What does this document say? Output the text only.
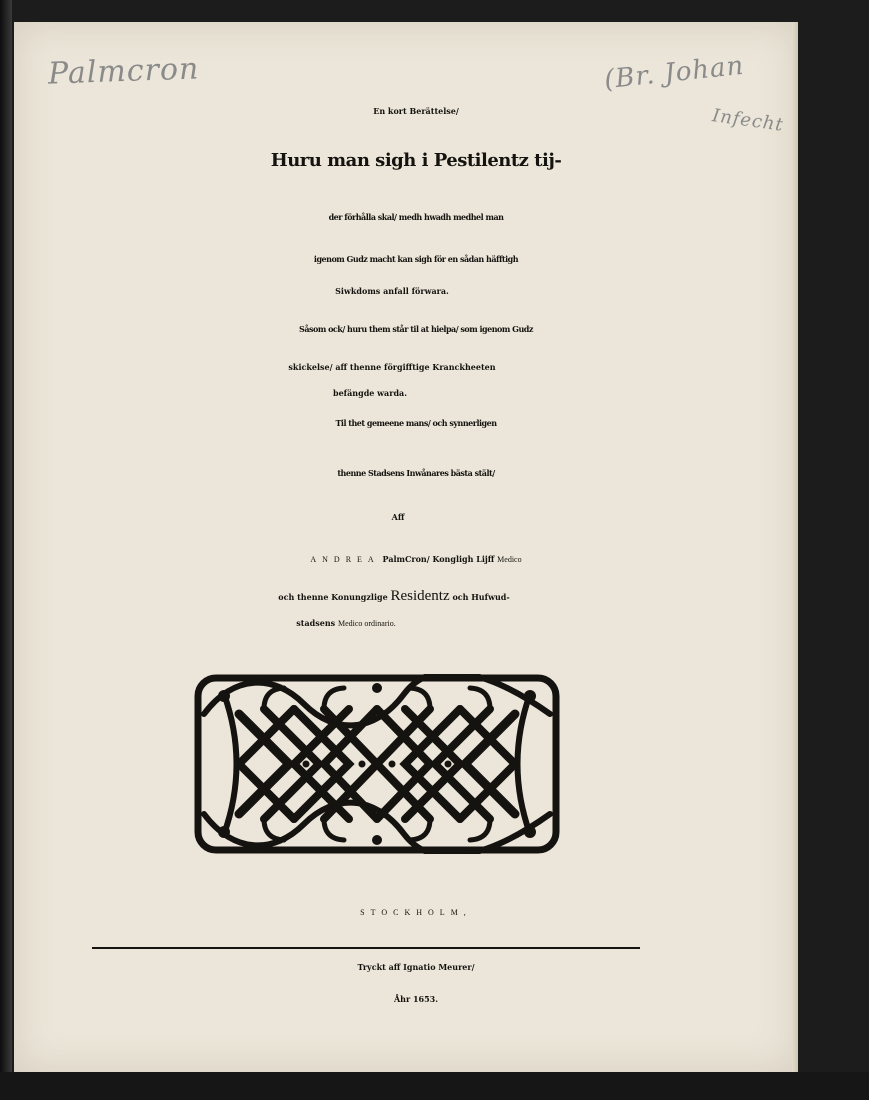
Palmcron	(Br. Johan
Infecht
En kort Berättelse/
Huru man sigh i Pestilentz tij-
der förhålla skal/ medh hwadh medhel man
igenom Gudz macht kan sigh för en sådan häfftigh
Siwkdoms anfall förwara.
Såsom ock/ huru them står til at hielpa/ som igenom Gudz
skickelse/ aff thenne förgifftige Kranckheeten
befängde warda.
Til thet gemeene mans/ och synnerligen
thenne Stadsens Inwånares bästa stält/
Aff
ANDREA PalmCron/ Kongligh Lijff Medico
och thenne Konungzlige Residentz och Hufwud-
stadsens Medico ordinario.
STOCKHOLM,
Tryckt aff Ignatio Meurer/
Åhr 1653.
